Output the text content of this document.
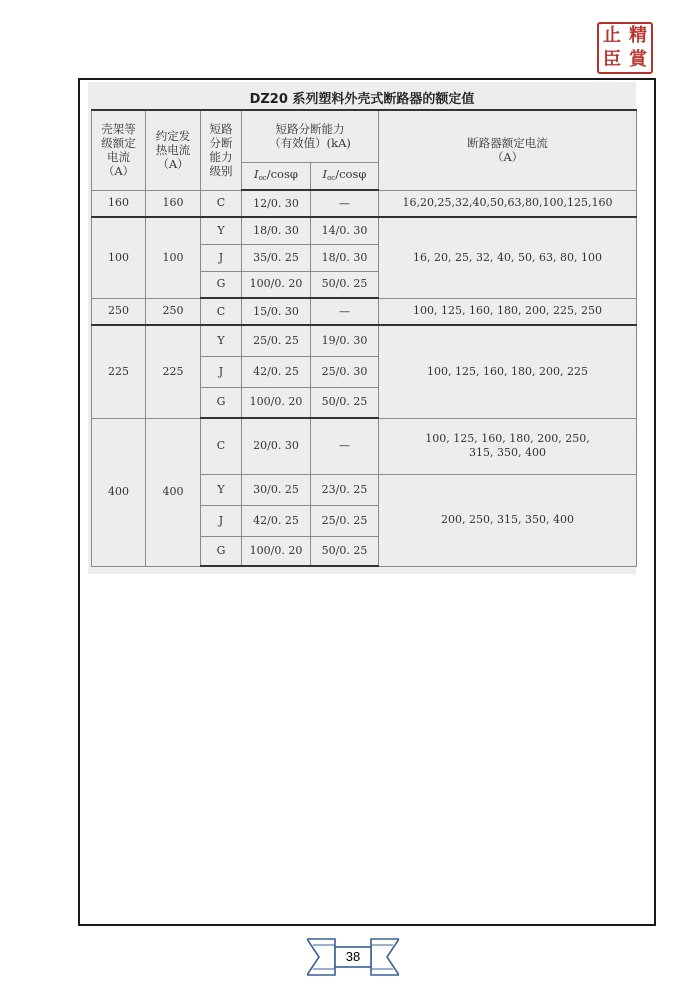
止 精
臣 賞
DZ20 系列塑料外壳式断路器的额定值
壳架等
级额定
电流
（A）	约定发
热电流
（A）	短路
分断
能力
级别	短路分断能力
（有效值）(kA)		断路器额定电流
（A）
			$I_{oc}$/cosφ	$I_{oc}$/cosφ	
160	160	C	12/0. 30	—	16,20,25,32,40,50,63,80,100,125,160
100	100	Y	18/0. 30	14/0. 30	16, 20, 25, 32, 40, 50, 63, 80, 100
		J	35/0. 25	18/0. 30	
		G	100/0. 20	50/0. 25	
250	250	C	15/0. 30	—	100, 125, 160, 180, 200, 225, 250
225	225	Y	25/0. 25	19/0. 30	100, 125, 160, 180, 200, 225
		J	42/0. 25	25/0. 30	
		G	100/0. 20	50/0. 25	
400	400	C	20/0. 30	—	100, 125, 160, 180, 200, 250,
315, 350, 400
		Y	30/0. 25	23/0. 25	200, 250, 315, 350, 400
		J	42/0. 25	25/0. 25	
		G	100/0. 20	50/0. 25	
38
